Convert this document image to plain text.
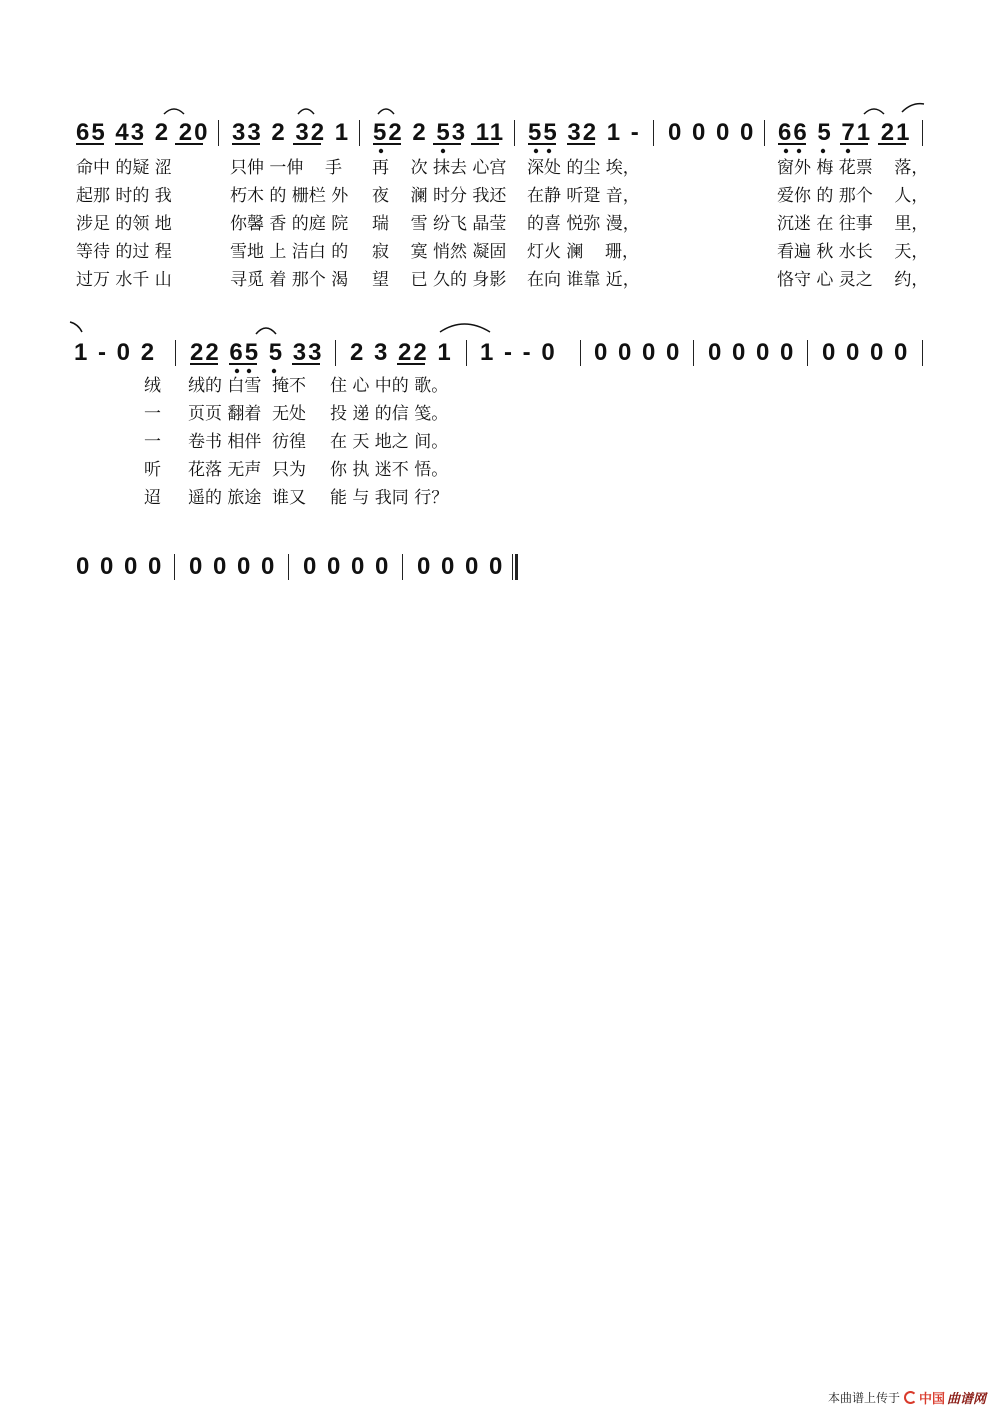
65 43 2 20 33 2 32 1 52 2 53 11 55 32 1 - 0 0 0 0 66 5 71 21
命中 的疑 涩	只伸 一伸    手 再    次 抹去 心宫 深处 的尘 埃，	窗外 梅 花票    落，
起那 时的 我	朽木 的 栅栏 外 夜    澜 时分 我还 在静 听跫 音，	爱你 的 那个    人，
涉足 的领 地	你馨 香 的庭 院 瑞    雪 纷飞 晶莹 的喜 悦弥 漫，	沉迷 在 往事    里，
等待 的过 程	雪地 上 洁白 的 寂    寞 悄然 凝固 灯火 澜    珊，	看遍 秋 水长    天，
过万 水千 山	寻觅 着 那个 渴 望    已 久的 身影 在向 谁靠 近，	恪守 心 灵之    约，
1 - 0 2 22 65 5 33 2 3 22 1 1 - - 0 0 0 0 0 0 0 0 0 0 0 0 0
绒 绒的 白雪 掩不 住 心 中的 歌。
一 页页 翻着 无处 投 递 的信 笺。
一 卷书 相伴 彷徨 在 天 地之 间。
听 花落 无声 只为 你 执 迷不 悟。
迢 遥的 旅途 谁又 能 与 我同 行？
0 0 0 0 0 0 0 0 0 0 0 0 0 0 0 0
本曲谱上传于 中国 曲谱网
